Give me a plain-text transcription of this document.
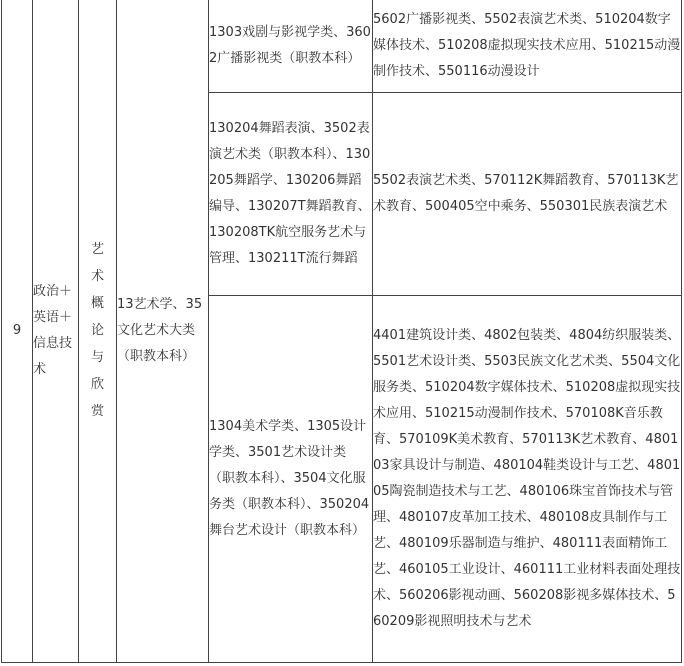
9	政治＋英语＋信息技术	艺术概论与欣赏	13艺术学、35文化艺术大类（职教本科）	1303戏剧与影视学类、3602广播影视类（职教本科）	5602广播影视类、5502表演艺术类、510204数字媒体技术、510208虚拟现实技术应用、510215动漫制作技术、550116动漫设计
				130204舞蹈表演、3502表演艺术类（职教本科）、130205舞蹈学、130206舞蹈编导、130207T舞蹈教育、130208TK航空服务艺术与管理、130211T流行舞蹈	5502表演艺术类、570112K舞蹈教育、570113K艺术教育、500405空中乘务、550301民族表演艺术
				1304美术学类、1305设计学类、3501艺术设计类（职教本科）、3504文化服务类（职教本科）、350204舞台艺术设计（职教本科）	4401建筑设计类、4802包装类、4804纺织服装类、5501艺术设计类、5503民族文化艺术类、5504文化服务类、510204数字媒体技术、510208虚拟现实技术应用、510215动漫制作技术、570108K音乐教育、570109K美术教育、570113K艺术教育、480103家具设计与制造、480104鞋类设计与工艺、480105陶瓷制造技术与工艺、480106珠宝首饰技术与管理、480107皮革加工技术、480108皮具制作与工艺、480109乐器制造与维护、480111表面精饰工艺、460105工业设计、460111工业材料表面处理技术、560206影视动画、560208影视多媒体技术、560209影视照明技术与艺术
